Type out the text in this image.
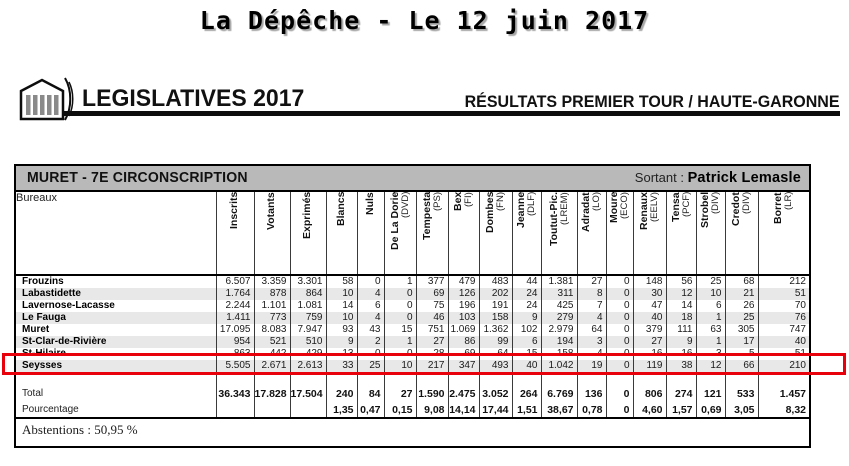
La Dépêche - Le 12 juin 2017
LEGISLATIVES 2017	RÉSULTATS PREMIER TOUR / HAUTE-GARONNE
MURET - 7E CIRCONSCRIPTION	Sortant : Patrick Lemasle
Bureaux	Inscrits	Votants	Exprimés	Blancs	Nuls	De La Dorie (DVD)	Tempesta (PS)	Bex (FI)	Dombes (FN)	Jeanne (DLF)	Toutut-Pic. (LREM)	Adradat (LO)	Moure (ECO)	Renaux (EELV)	Tensa (PCF)	Strobel (DIV)	Credot (DIV)	Borret (LR)

Frouzins	6.507	3.359	3.301	58	0	1	377	479	483	44	1.381	27	0	148	56	25	68	212
Labastidette	1.764	878	864	10	4	0	69	126	202	24	311	8	0	30	12	10	21	51
Lavernose-Lacasse	2.244	1.101	1.081	14	6	0	75	196	191	24	425	7	0	47	14	6	26	70
Le Fauga	1.411	773	759	10	4	0	46	103	158	9	279	4	0	40	18	1	25	76
Muret	17.095	8.083	7.947	93	43	15	751	1.069	1.362	102	2.979	64	0	379	111	63	305	747
St-Clar-de-Rivière	954	521	510	9	2	1	27	86	99	6	194	3	0	27	9	1	17	40
St-Hilaire	863	442	429	13	0	0	28	69	64	15	158	4	0	16	16	3	5	51
Seysses	5.505	2.671	2.613	33	25	10	217	347	493	40	1.042	19	0	119	38	12	66	210

Total	36.343	17.828	17.504	240	84	27	1.590	2.475	3.052	264	6.769	136	0	806	274	121	533	1.457
Pourcentage				1,35	0,47	0,15	9,08	14,14	17,44	1,51	38,67	0,78	0	4,60	1,57	0,69	3,05	8,32
Abstentions : 50,95 %
